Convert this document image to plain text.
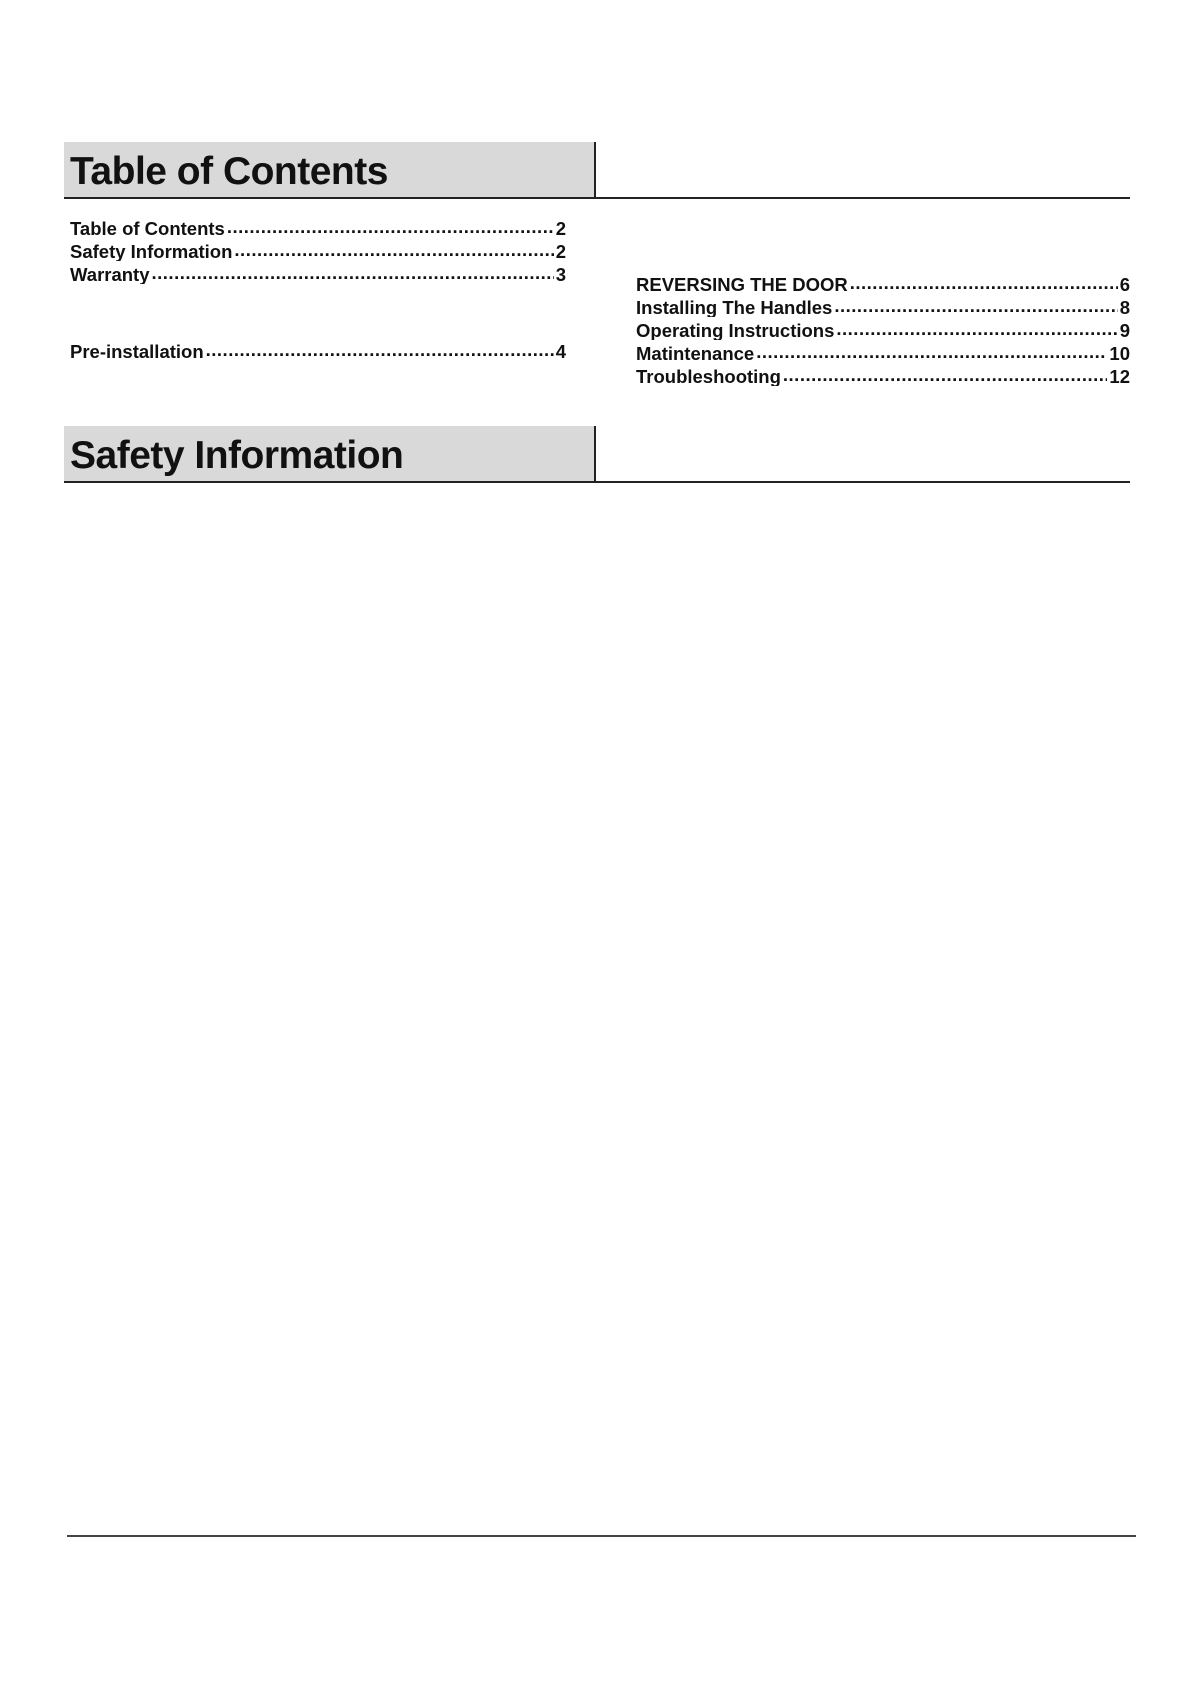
Table of Contents
Table of Contents .....	2
Safety Information .....	2
Warranty .....	3
Pre-installation .....	4
REVERSING THE DOOR .....	6
Installing The Handles .....	8
Operating Instructions .....	9
Matintenance .....	10
Troubleshooting .....	12
Safety Information
